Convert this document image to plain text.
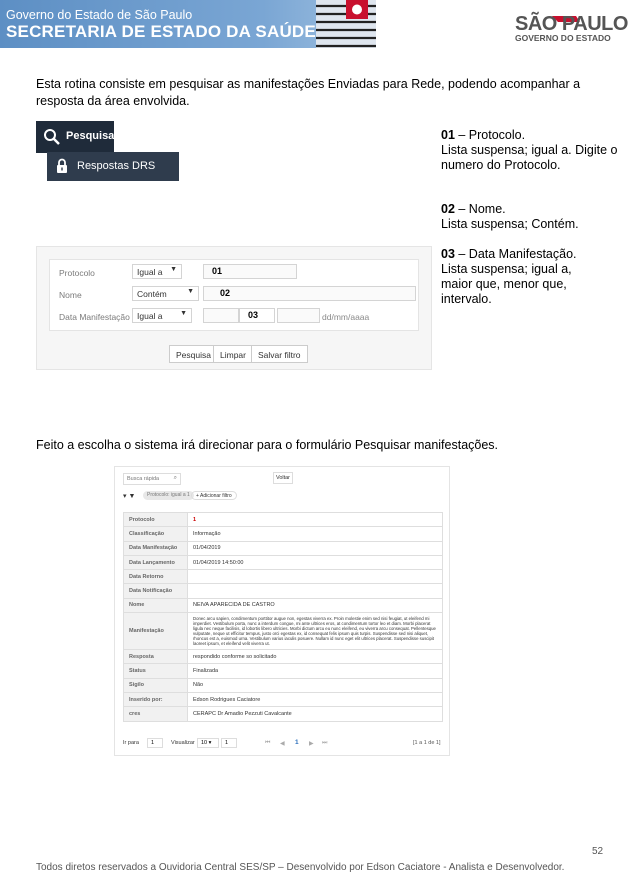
Governo do Estado de São Paulo
SECRETARIA DE ESTADO DA SAÚDE	SÃO PAULO
GOVERNO DO ESTADO
Esta rotina consiste em pesquisar as manifestações Enviadas para Rede, podendo acompanhar a resposta da área envolvida.
Pesquisar
Respostas DRS
01 – Protocolo.
Lista suspensa; igual a. Digite o numero do Protocolo.
02 – Nome.
Lista suspensa; Contém.
03 – Data Manifestação.
Lista suspensa; igual a, maior que, menor que, intervalo.
Protocolo	Igual a ▼	01
Nome	Contém	▼	02
Data Manifestação Igual a	▼	03	dd/mm/aaaa
Pesquisa	Limpar	Salvar filtro
Feito a escolha o sistema irá direcionar para o formulário Pesquisar manifestações.
Busca rápida ⌕	Voltar
▾ ▼	Protocolo: igual a 1	+ Adicionar filtro
Protocolo	1
Classificação	Informação
Data Manifestação	01/04/2019
Data Lançamento	01/04/2019 14:50:00
Data Retorno	
Data Notificação	
Nome	NEIVA APARECIDA DE CASTRO
Manifestação	Donec arcu sapien, condimentum porttitor augue non, egestas viverra ex. Proin molestie enim sed nisi feugiat, ut eleifend mi imperdiet. Vestibulum porta, nunc a interdum congue, mi ante ultrices eros, at condimentum tortor leo et diam. Morbi placerat ligula nec neque facilisis, id lobortis libero ultricies. Morbi dictum arcu eu nunc eleifend, eu viverra arcu consequat. Pellentesque vulputate, neque ut efficitur tempus, justo orci egestas ex, id consequat felis ipsum quis turpis. Suspendisse sed nisi aliquet, rhoncus est a, euismod urna. Vestibulum varius iaculis posuere. Nullam id nunc eget elit ultrices placerat. Suspendisse suscipit laoreet ipsum, et eleifend velit viverra ut.
Resposta	respondido conforme so solicitado
Status	Finalizada
Sigilo	Não
Inserido por:	Edson Rodrigues Caciatore
cres	CERAPC Dr Amadio Pezzuti Cavalcante
Ir para	1	Visualizar	10 ▾	1	⏮ ◀ 1 ▶ ⏭	[1 a 1 de 1]
52
Todos diretos reservados a Ouvidoria Central SES/SP – Desenvolvido por Edson Caciatore - Analista e Desenvolvedor.
